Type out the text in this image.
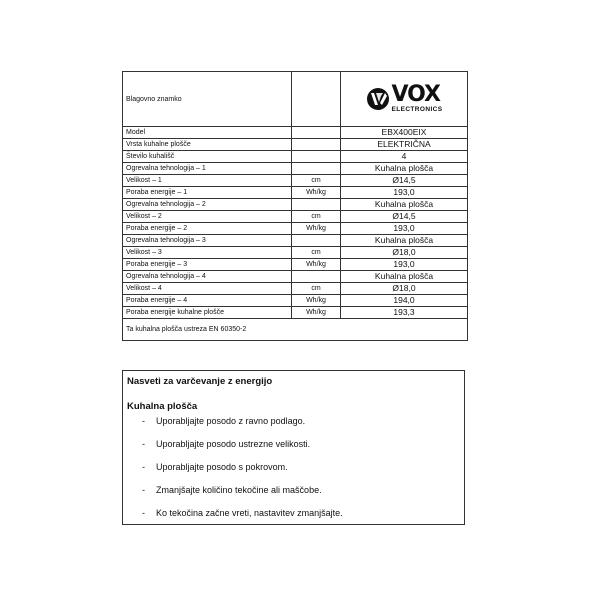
Blagovno znamko		VOX
ELECTRONICS

Model		EBX400EIX
Vrsta kuhalne plošče		ELEKTRIČNA
Število kuhališč		4
Ogrevalna tehnologija – 1		Kuhalna plošča
Velikost – 1	cm	Ø14,5
Poraba energije – 1	Wh/kg	193,0
Ogrevalna tehnologija – 2		Kuhalna plošča
Velikost – 2	cm	Ø14,5
Poraba energije – 2	Wh/kg	193,0
Ogrevalna tehnologija – 3		Kuhalna plošča
Velikost – 3	cm	Ø18,0
Poraba energije – 3	Wh/kg	193,0
Ogrevalna tehnologija – 4		Kuhalna plošča
Velikost – 4	cm	Ø18,0
Poraba energije – 4	Wh/kg	194,0
Poraba energije kuhalne plošče	Wh/kg	193,3
Ta kuhalna plošča ustreza EN 60350-2		

Nasveti za varčevanje z energijo

Kuhalna plošča

-	Uporabljajte posodo z ravno podlago.
-	Uporabljajte posodo ustrezne velikosti.
-	Uporabljajte posodo s pokrovom.
-	Zmanjšajte količino tekočine ali maščobe.
-	Ko tekočina začne vreti, nastavitev zmanjšajte.
